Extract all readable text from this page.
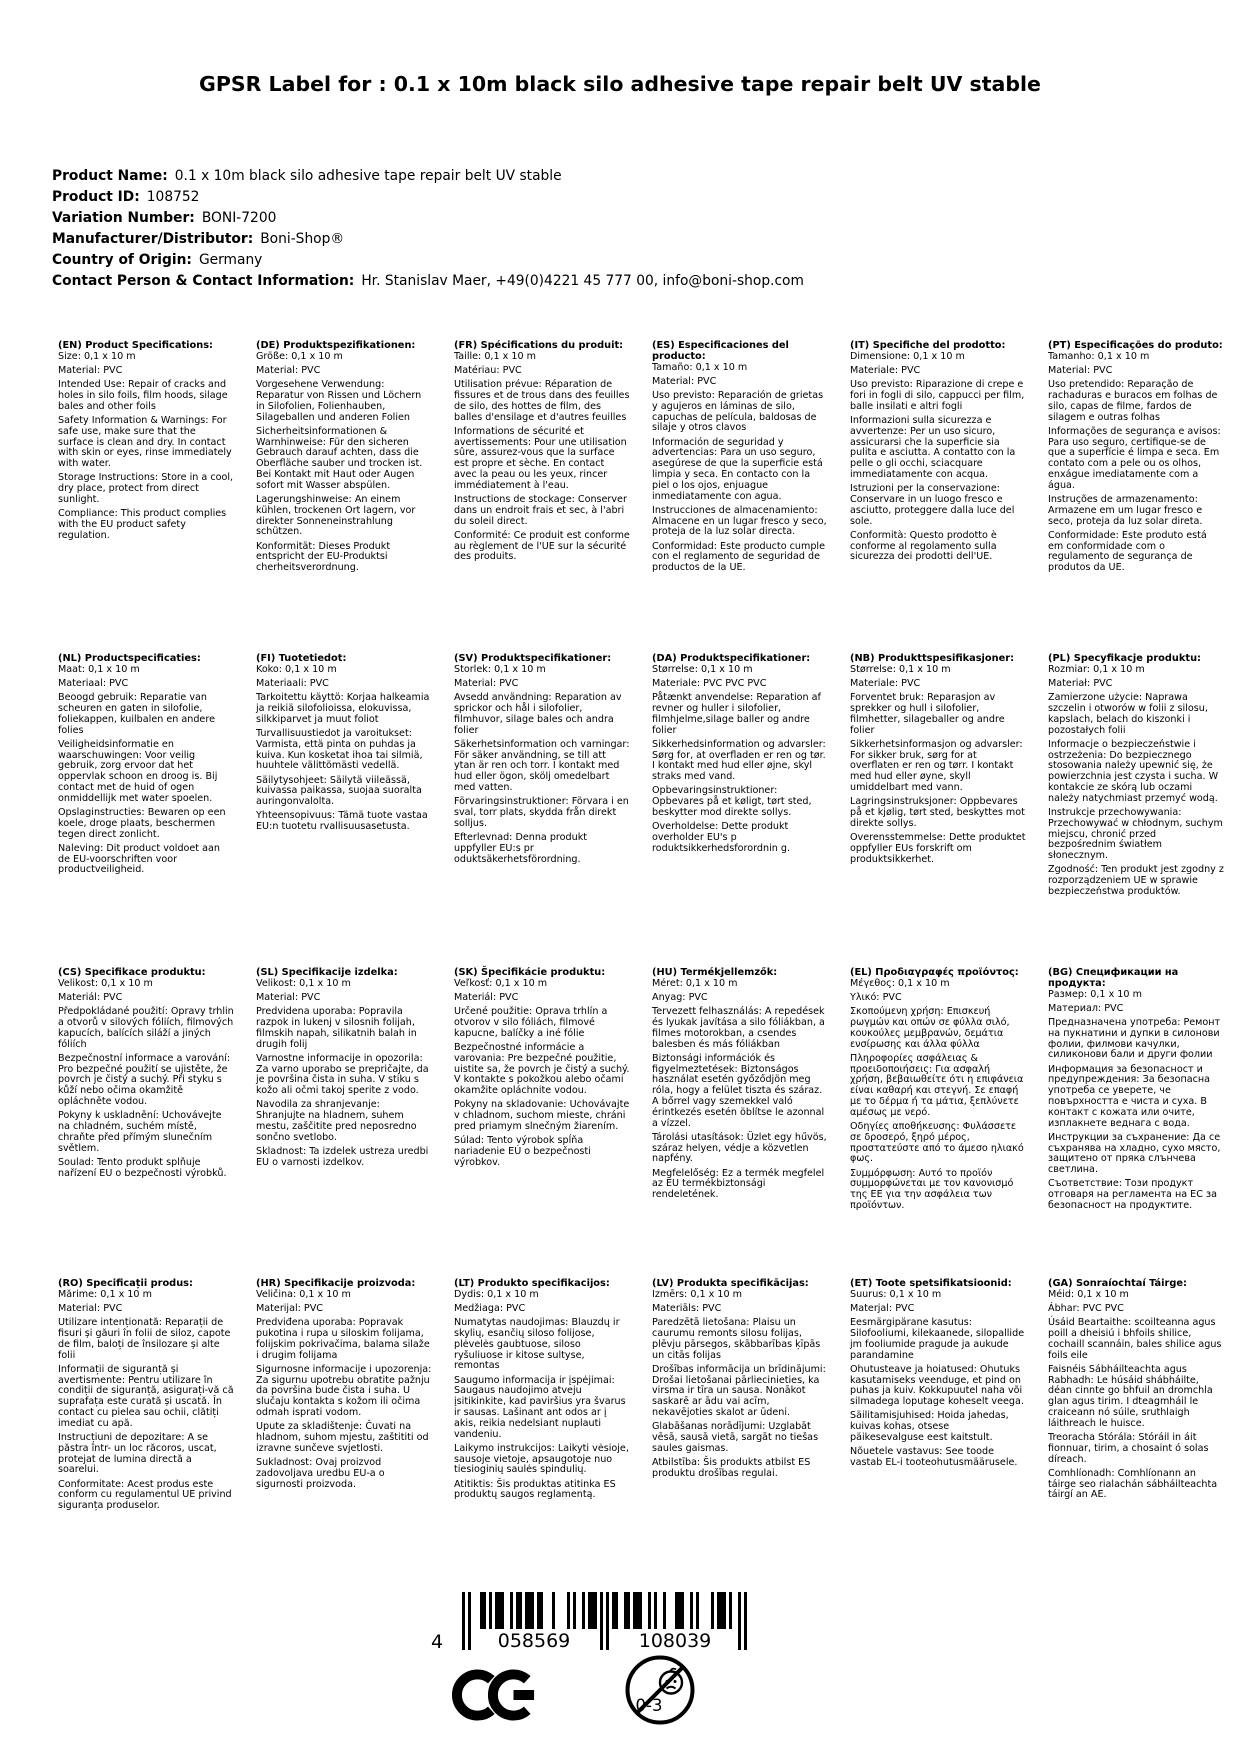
GPSR Label for : 0.1 x 10m black silo adhesive tape repair belt UV stable
Product Name: 0.1 x 10m black silo adhesive tape repair belt UV stable
Product ID: 108752
Variation Number: BONI-7200
Manufacturer/Distributor: Boni-Shop®
Country of Origin: Germany
Contact Person & Contact Information: Hr. Stanislav Maer, +49(0)4221 45 777 00, info@boni-shop.com
(EN) Product Specifications:

Size: 0,1 x 10 m

Material: PVC

Intended Use: Repair of cracks and holes in silo foils, film hoods, silage bales and other foils

Safety Information & Warnings: For safe use, make sure that the surface is clean and dry. In contact with skin or eyes, rinse immediately with water.

Storage Instructions: Store in a cool, dry place, protect from direct sunlight.

Compliance: This product complies with the EU product safety regulation.

(DE) Produktspezifikationen:

Größe: 0,1 x 10 m

Material: PVC

Vorgesehene Verwendung: Reparatur von Rissen und Löchern in Silofolien, Folienhauben, Silageballen und anderen Folien

Sicherheitsinformationen & Warnhinweise: Für den sicheren Gebrauch darauf achten, dass die Oberfläche sauber und trocken ist. Bei Kontakt mit Haut oder Augen sofort mit Wasser abspülen.

Lagerungshinweise: An einem kühlen, trockenen Ort lagern, vor direkter Sonneneinstrahlung schützen.

Konformität: Dieses Produkt entspricht der EU-Produktsi cherheitsverordnung.

(FR) Spécifications du produit:

Taille: 0,1 x 10 m

Matériau: PVC

Utilisation prévue: Réparation de fissures et de trous dans des feuilles de silo, des hottes de film, des balles d'ensilage et d'autres feuilles

Informations de sécurité et avertissements: Pour une utilisation sûre, assurez-vous que la surface est propre et sèche. En contact avec la peau ou les yeux, rincer immédiatement à l'eau.

Instructions de stockage: Conserver dans un endroit frais et sec, à l'abri du soleil direct.

Conformité: Ce produit est conforme au règlement de l'UE sur la sécurité des produits.

(ES) Especificaciones del producto:

Tamaño: 0,1 x 10 m

Material: PVC

Uso previsto: Reparación de grietas y agujeros en láminas de silo, capuchas de película, baldosas de silaje y otros clavos

Información de seguridad y advertencias: Para un uso seguro, asegúrese de que la superficie está limpia y seca. En contacto con la piel o los ojos, enjuague inmediatamente con agua.

Instrucciones de almacenamiento: Almacene en un lugar fresco y seco, proteja de la luz solar directa.

Conformidad: Este producto cumple con el reglamento de seguridad de productos de la UE.

(IT) Specifiche del prodotto:

Dimensione: 0,1 x 10 m

Materiale: PVC

Uso previsto: Riparazione di crepe e fori in fogli di silo, cappucci per film, balle insilati e altri fogli

Informazioni sulla sicurezza e avvertenze: Per un uso sicuro, assicurarsi che la superficie sia pulita e asciutta. A contatto con la pelle o gli occhi, sciacquare immediatamente con acqua.

Istruzioni per la conservazione: Conservare in un luogo fresco e asciutto, proteggere dalla luce del sole.

Conformità: Questo prodotto è conforme al regolamento sulla sicurezza dei prodotti dell'UE.

(PT) Especificações do produto:

Tamanho: 0,1 x 10 m

Material: PVC

Uso pretendido: Reparação de rachaduras e buracos em folhas de silo, capas de filme, fardos de silagem e outras folhas

Informações de segurança e avisos: Para uso seguro, certifique-se de que a superfície é limpa e seca. Em contato com a pele ou os olhos, enxágue imediatamente com a água.

Instruções de armazenamento: Armazene em um lugar fresco e seco, proteja da luz solar direta.

Conformidade: Este produto está em conformidade com o regulamento de segurança de produtos da UE.

(NL) Productspecificaties:

Maat: 0,1 x 10 m

Materiaal: PVC

Beoogd gebruik: Reparatie van scheuren en gaten in silofolie, foliekappen, kuilbalen en andere folies

Veiligheidsinformatie en waarschuwingen: Voor veilig gebruik, zorg ervoor dat het oppervlak schoon en droog is. Bij contact met de huid of ogen onmiddellijk met water spoelen.

Opslaginstructies: Bewaren op een koele, droge plaats, beschermen tegen direct zonlicht.

Naleving: Dit product voldoet aan de EU-voorschriften voor productveiligheid.

(FI) Tuotetiedot:

Koko: 0,1 x 10 m

Materiaali: PVC

Tarkoitettu käyttö: Korjaa halkeamia ja reikiä silofolioissa, elokuvissa, silkkiparvet ja muut foliot

Turvallisuustiedot ja varoitukset: Varmista, että pinta on puhdas ja kuiva. Kun kosketat ihoa tai silmiä, huuhtele välittömästi vedellä.

Säilytysohjeet: Säilytä viileässä, kuivassa paikassa, suojaa suoralta auringonvalolta.

Yhteensopivuus: Tämä tuote vastaa EU:n tuotetu rvallisuusasetusta.

(SV) Produktspecifikationer:

Storlek: 0,1 x 10 m

Material: PVC

Avsedd användning: Reparation av sprickor och hål i silofolier, filmhuvor, silage bales och andra folier

Säkerhetsinformation och varningar: För säker användning, se till att ytan är ren och torr. I kontakt med hud eller ögon, skölj omedelbart med vatten.

Förvaringsinstruktioner: Förvara i en sval, torr plats, skydda från direkt solljus.

Efterlevnad: Denna produkt uppfyller EU:s pr oduktsäkerhetsförordning.

(DA) Produktspecifikationer:

Størrelse: 0,1 x 10 m

Materiale: PVC PVC PVC

Påtænkt anvendelse: Reparation af revner og huller i silofolier, filmhjelme,silage baller og andre folier

Sikkerhedsinformation og advarsler: Sørg for, at overfladen er ren og tør. I kontakt med hud eller øjne, skyl straks med vand.

Opbevaringsinstruktioner: Opbevares på et køligt, tørt sted, beskytter mod direkte sollys.

Overholdelse: Dette produkt overholder EU's p roduktsikkerhedsforordnin g.

(NB) Produkttspesifikasjoner:

Størrelse: 0,1 x 10 m

Materiale: PVC

Forventet bruk: Reparasjon av sprekker og hull i silofolier, filmhetter, silageballer og andre folier

Sikkerhetsinformasjon og advarsler: For sikker bruk, sørg for at overflaten er ren og tørr. I kontakt med hud eller øyne, skyll umiddelbart med vann.

Lagringsinstruksjoner: Oppbevares på et kjølig, tørt sted, beskyttes mot direkte sollys.

Overensstemmelse: Dette produktet oppfyller EUs forskrift om produktsikkerhet.

(PL) Specyfikacje produktu:

Rozmiar: 0,1 x 10 m

Materiał: PVC

Zamierzone użycie: Naprawa szczelin i otworów w folii z silosu, kapslach, belach do kiszonki i pozostałych folii

Informacje o bezpieczeństwie i ostrzeżenia: Do bezpiecznego stosowania należy upewnić się, że powierzchnia jest czysta i sucha. W kontakcie ze skórą lub oczami należy natychmiast przemyć wodą.

Instrukcje przechowywania: Przechowywać w chłodnym, suchym miejscu, chronić przed bezpośrednim światłem słonecznym.

Zgodność: Ten produkt jest zgodny z rozporządzeniem UE w sprawie bezpieczeństwa produktów.

(CS) Specifikace produktu:

Velikost: 0,1 x 10 m

Materiál: PVC

Předpokládané použití: Opravy trhlin a otvorů v silových fóliích, filmových kapucích, balících siláží a jiných fóliích

Bezpečnostní informace a varování: Pro bezpečné použití se ujistěte, že povrch je čistý a suchý. Při styku s kůží nebo očima okamžitě opláchněte vodou.

Pokyny k uskladnění: Uchovávejte na chladném, suchém místě, chraňte před přímým slunečním světlem.

Soulad: Tento produkt splňuje nařízení EU o bezpečnosti výrobků.

(SL) Specifikacije izdelka:

Velikost: 0,1 x 10 m

Material: PVC

Predvidena uporaba: Popravila razpok in lukenj v silosnih folijah, filmskih napah, silikatnih balah in drugih folij

Varnostne informacije in opozorila: Za varno uporabo se prepričajte, da je površina čista in suha. V stiku s kožo ali očmi takoj sperite z vodo.

Navodila za shranjevanje: Shranjujte na hladnem, suhem mestu, zaščitite pred neposredno sončno svetlobo.

Skladnost: Ta izdelek ustreza uredbi EU o varnosti izdelkov.

(SK) Špecifikácie produktu:

Veľkosť: 0,1 x 10 m

Materiál: PVC

Určené použitie: Oprava trhlín a otvorov v silo fóliách, filmové kapucne, balíčky a iné fólie

Bezpečnostné informácie a varovania: Pre bezpečné použitie, uistite sa, že povrch je čistý a suchý. V kontakte s pokožkou alebo očami okamžite opláchnite vodou.

Pokyny na skladovanie: Uchovávajte v chladnom, suchom mieste, chráni pred priamym slnečným žiarením.

Súlad: Tento výrobok spĺňa nariadenie EÚ o bezpečnosti výrobkov.

(HU) Termékjellemzők:

Méret: 0,1 x 10 m

Anyag: PVC

Tervezett felhasználás: A repedések és lyukak javítása a silo fóliákban, a filmes motorokban, a csendes balesben és más fóliákban

Biztonsági információk és figyelmeztetések: Biztonságos használat esetén győződjön meg róla, hogy a felület tiszta és száraz. A bőrrel vagy szemekkel való érintkezés esetén öblítse le azonnal a vízzel.

Tárolási utasítások: Üzlet egy hűvös, száraz helyen, védje a közvetlen napfény.

Megfelelőség: Ez a termék megfelel az EU termékbiztonsági rendeletének.

(EL) Προδιαγραφές προϊόντος:

Μέγεθος: 0,1 x 10 m

Υλικό: PVC

Σκοπούμενη χρήση: Επισκευή ρωγμών και οπών σε φύλλα σιλό, κουκούλες μεμβρανών, δεμάτια ενσίρωσης και άλλα φύλλα

Πληροφορίες ασφάλειας & προειδοποιήσεις: Για ασφαλή χρήση, βεβαιωθείτε ότι η επιφάνεια είναι καθαρή και στεγνή. Σε επαφή με το δέρμα ή τα μάτια, ξεπλύνετε αμέσως με νερό.

Οδηγίες αποθήκευσης: Φυλάσσετε σε δροσερό, ξηρό μέρος, προστατεύστε από το άμεσο ηλιακό φως.

Συμμόρφωση: Αυτό το προϊόν συμμορφώνεται με τον κανονισμό της ΕΕ για την ασφάλεια των προϊόντων.

(BG) Спецификации на продукта:

Размер: 0,1 x 10 m

Материал: PVC

Предназначена употреба: Ремонт на пукнатини и дупки в силонови фолии, филмови качулки, силиконови бали и други фолии

Информация за безопасност и предупреждения: За безопасна употреба се уверете, че повърхността е чиста и суха. В контакт с кожата или очите, изплакнете веднага с вода.

Инструкции за съхранение: Да се съхранява на хладно, сухо място, защитено от пряка слънчева светлина.

Съответствие: Този продукт отговаря на регламента на ЕС за безопасност на продуктите.

(RO) Specificații produs:

Mărime: 0,1 x 10 m

Material: PVC

Utilizare intenționată: Reparații de fisuri și găuri în folii de siloz, capote de film, baloți de însilozare și alte folii

Informații de siguranță și avertismente: Pentru utilizare în condiții de siguranță, asigurați-vă că suprafața este curată și uscată. În contact cu pielea sau ochii, clătiți imediat cu apă.

Instrucțiuni de depozitare: A se păstra într- un loc răcoros, uscat, protejat de lumina directă a soarelui.

Conformitate: Acest produs este conform cu regulamentul UE privind siguranța produselor.

(HR) Specifikacije proizvoda:

Veličina: 0,1 x 10 m

Materijal: PVC

Predviđena uporaba: Popravak pukotina i rupa u siloskim folijama, folijskim pokrivačima, balama silaže i drugim folijama

Sigurnosne informacije i upozorenja: Za sigurnu upotrebu obratite pažnju da površina bude čista i suha. U slučaju kontakta s kožom ili očima odmah isprati vodom.

Upute za skladištenje: Čuvati na hladnom, suhom mjestu, zaštititi od izravne sunčeve svjetlosti.

Sukladnost: Ovaj proizvod zadovoljava uredbu EU-a o sigurnosti proizvoda.

(LT) Produkto specifikacijos:

Dydis: 0,1 x 10 m

Medžiaga: PVC

Numatytas naudojimas: Blauzdų ir skylių, esančių siloso folijose, plėvelės gaubtuose, siloso ryšuliuose ir kitose sultyse, remontas

Saugumo informacija ir įspėjimai: Saugaus naudojimo atveju įsitikinkite, kad paviršius yra švarus ir sausas. Lašinant ant odos ar į akis, reikia nedelsiant nuplauti vandeniu.

Laikymo instrukcijos: Laikyti vėsioje, sausoje vietoje, apsaugotoje nuo tiesioginių saulės spindulių.

Atitiktis: Šis produktas atitinka ES produktų saugos reglamentą.

(LV) Produkta specifikācijas:

Izmērs: 0,1 x 10 m

Materiāls: PVC

Paredzētā lietošana: Plaisu un caurumu remonts silosu folijas, plēvju pārsegos, skābbarības ķīpās un citās folijas

Drošības informācija un brīdinājumi: Drošai lietošanai pārliecinieties, ka virsma ir tīra un sausa. Nonākot saskarē ar ādu vai acīm, nekavējoties skalot ar ūdeni.

Glabāšanas norādījumi: Uzglabāt vēsā, sausā vietā, sargāt no tiešas saules gaismas.

Atbilstība: Šis produkts atbilst ES produktu drošības regulai.

(ET) Toote spetsifikatsioonid:

Suurus: 0,1 x 10 m

Materjal: PVC

Eesmärgipärane kasutus: Silofooliumi, kilekaanede, silopallide jm fooliumide pragude ja aukude parandamine

Ohutusteave ja hoiatused: Ohutuks kasutamiseks veenduge, et pind on puhas ja kuiv. Kokkupuutel naha või silmadega loputage koheselt veega.

Säilitamisjuhised: Hoida jahedas, kuivas kohas, otsese päikesevalguse eest kaitstult.

Nõuetele vastavus: See toode vastab EL-i tooteohutusmäärusele.

(GA) Sonraíochtaí Táirge:

Méid: 0,1 x 10 m

Ábhar: PVC PVC

Úsáid Beartaithe: scoilteanna agus poill a dheisiú i bhfoils shilice, cochaill scannáin, bales shilice agus foils eile

Faisnéis Sábháilteachta agus Rabhadh: Le húsáid shábháilte, déan cinnte go bhfuil an dromchla glan agus tirim. I dteagmháil le craiceann nó súile, sruthlaigh láithreach le huisce.

Treoracha Stórála: Stóráil in áit fionnuar, tirim, a chosaint ó solas díreach.

Comhlíonadh: Comhlíonann an táirge seo rialachán sábháilteachta táirgí an AE.

4	058569	108039
0-3
